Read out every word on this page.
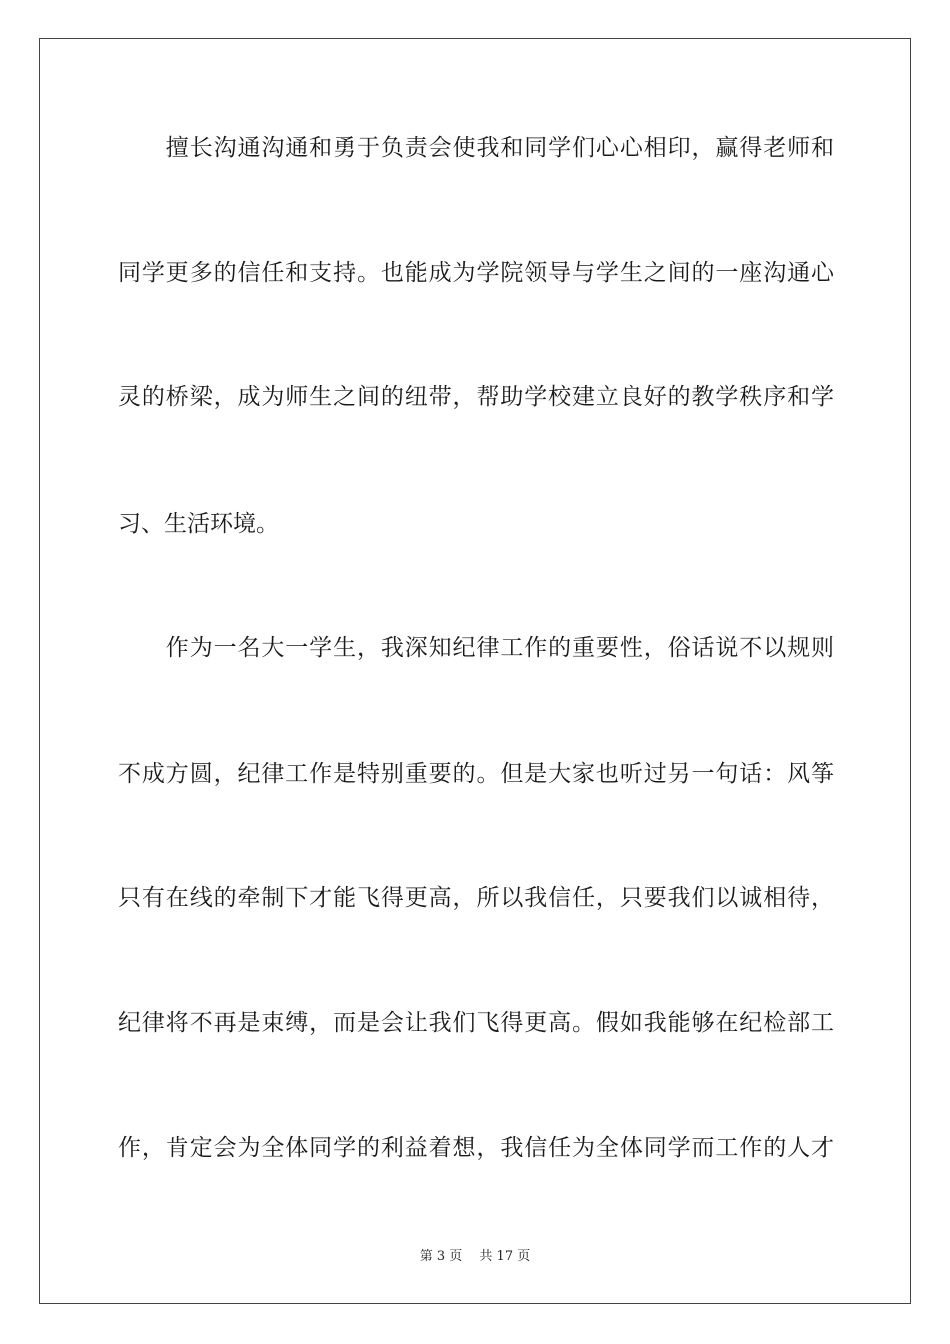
　　擅长沟通沟通和勇于负责会使我和同学们心心相印，赢得老师和
同学更多的信任和支持。也能成为学院领导与学生之间的一座沟通心
灵的桥梁，成为师生之间的纽带，帮助学校建立良好的教学秩序和学
习、生活环境。
　　作为一名大一学生，我深知纪律工作的重要性，俗话说不以规则
不成方圆，纪律工作是特别重要的。但是大家也听过另一句话：风筝
只有在线的牵制下才能飞得更高，所以我信任，只要我们以诚相待，
纪律将不再是束缚，而是会让我们飞得更高。假如我能够在纪检部工
作，肯定会为全体同学的利益着想，我信任为全体同学而工作的人才
第 3 页　 共 17 页
